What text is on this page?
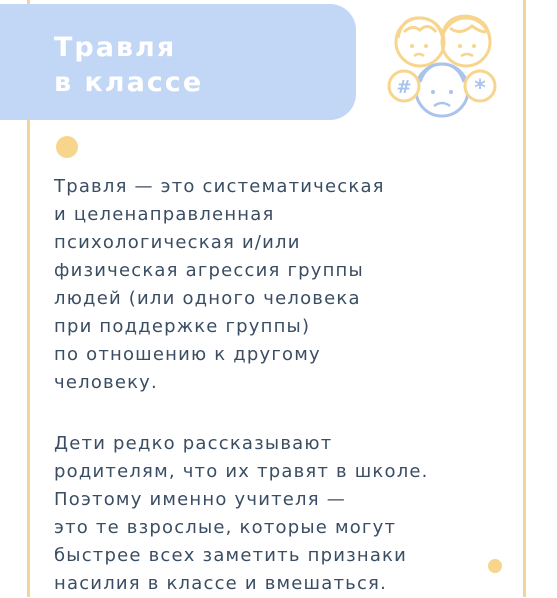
Травля
в классе	#	*

Травля — это систематическая
и целенаправленная
психологическая и/или
физическая агрессия группы
людей (или одного человека
при поддержке группы)
по отношению к другому
человеку.

Дети редко рассказывают
родителям, что их травят в школе.
Поэтому именно учителя —
это те взрослые, которые могут
быстрее всех заметить признаки
насилия в классе и вмешаться.
